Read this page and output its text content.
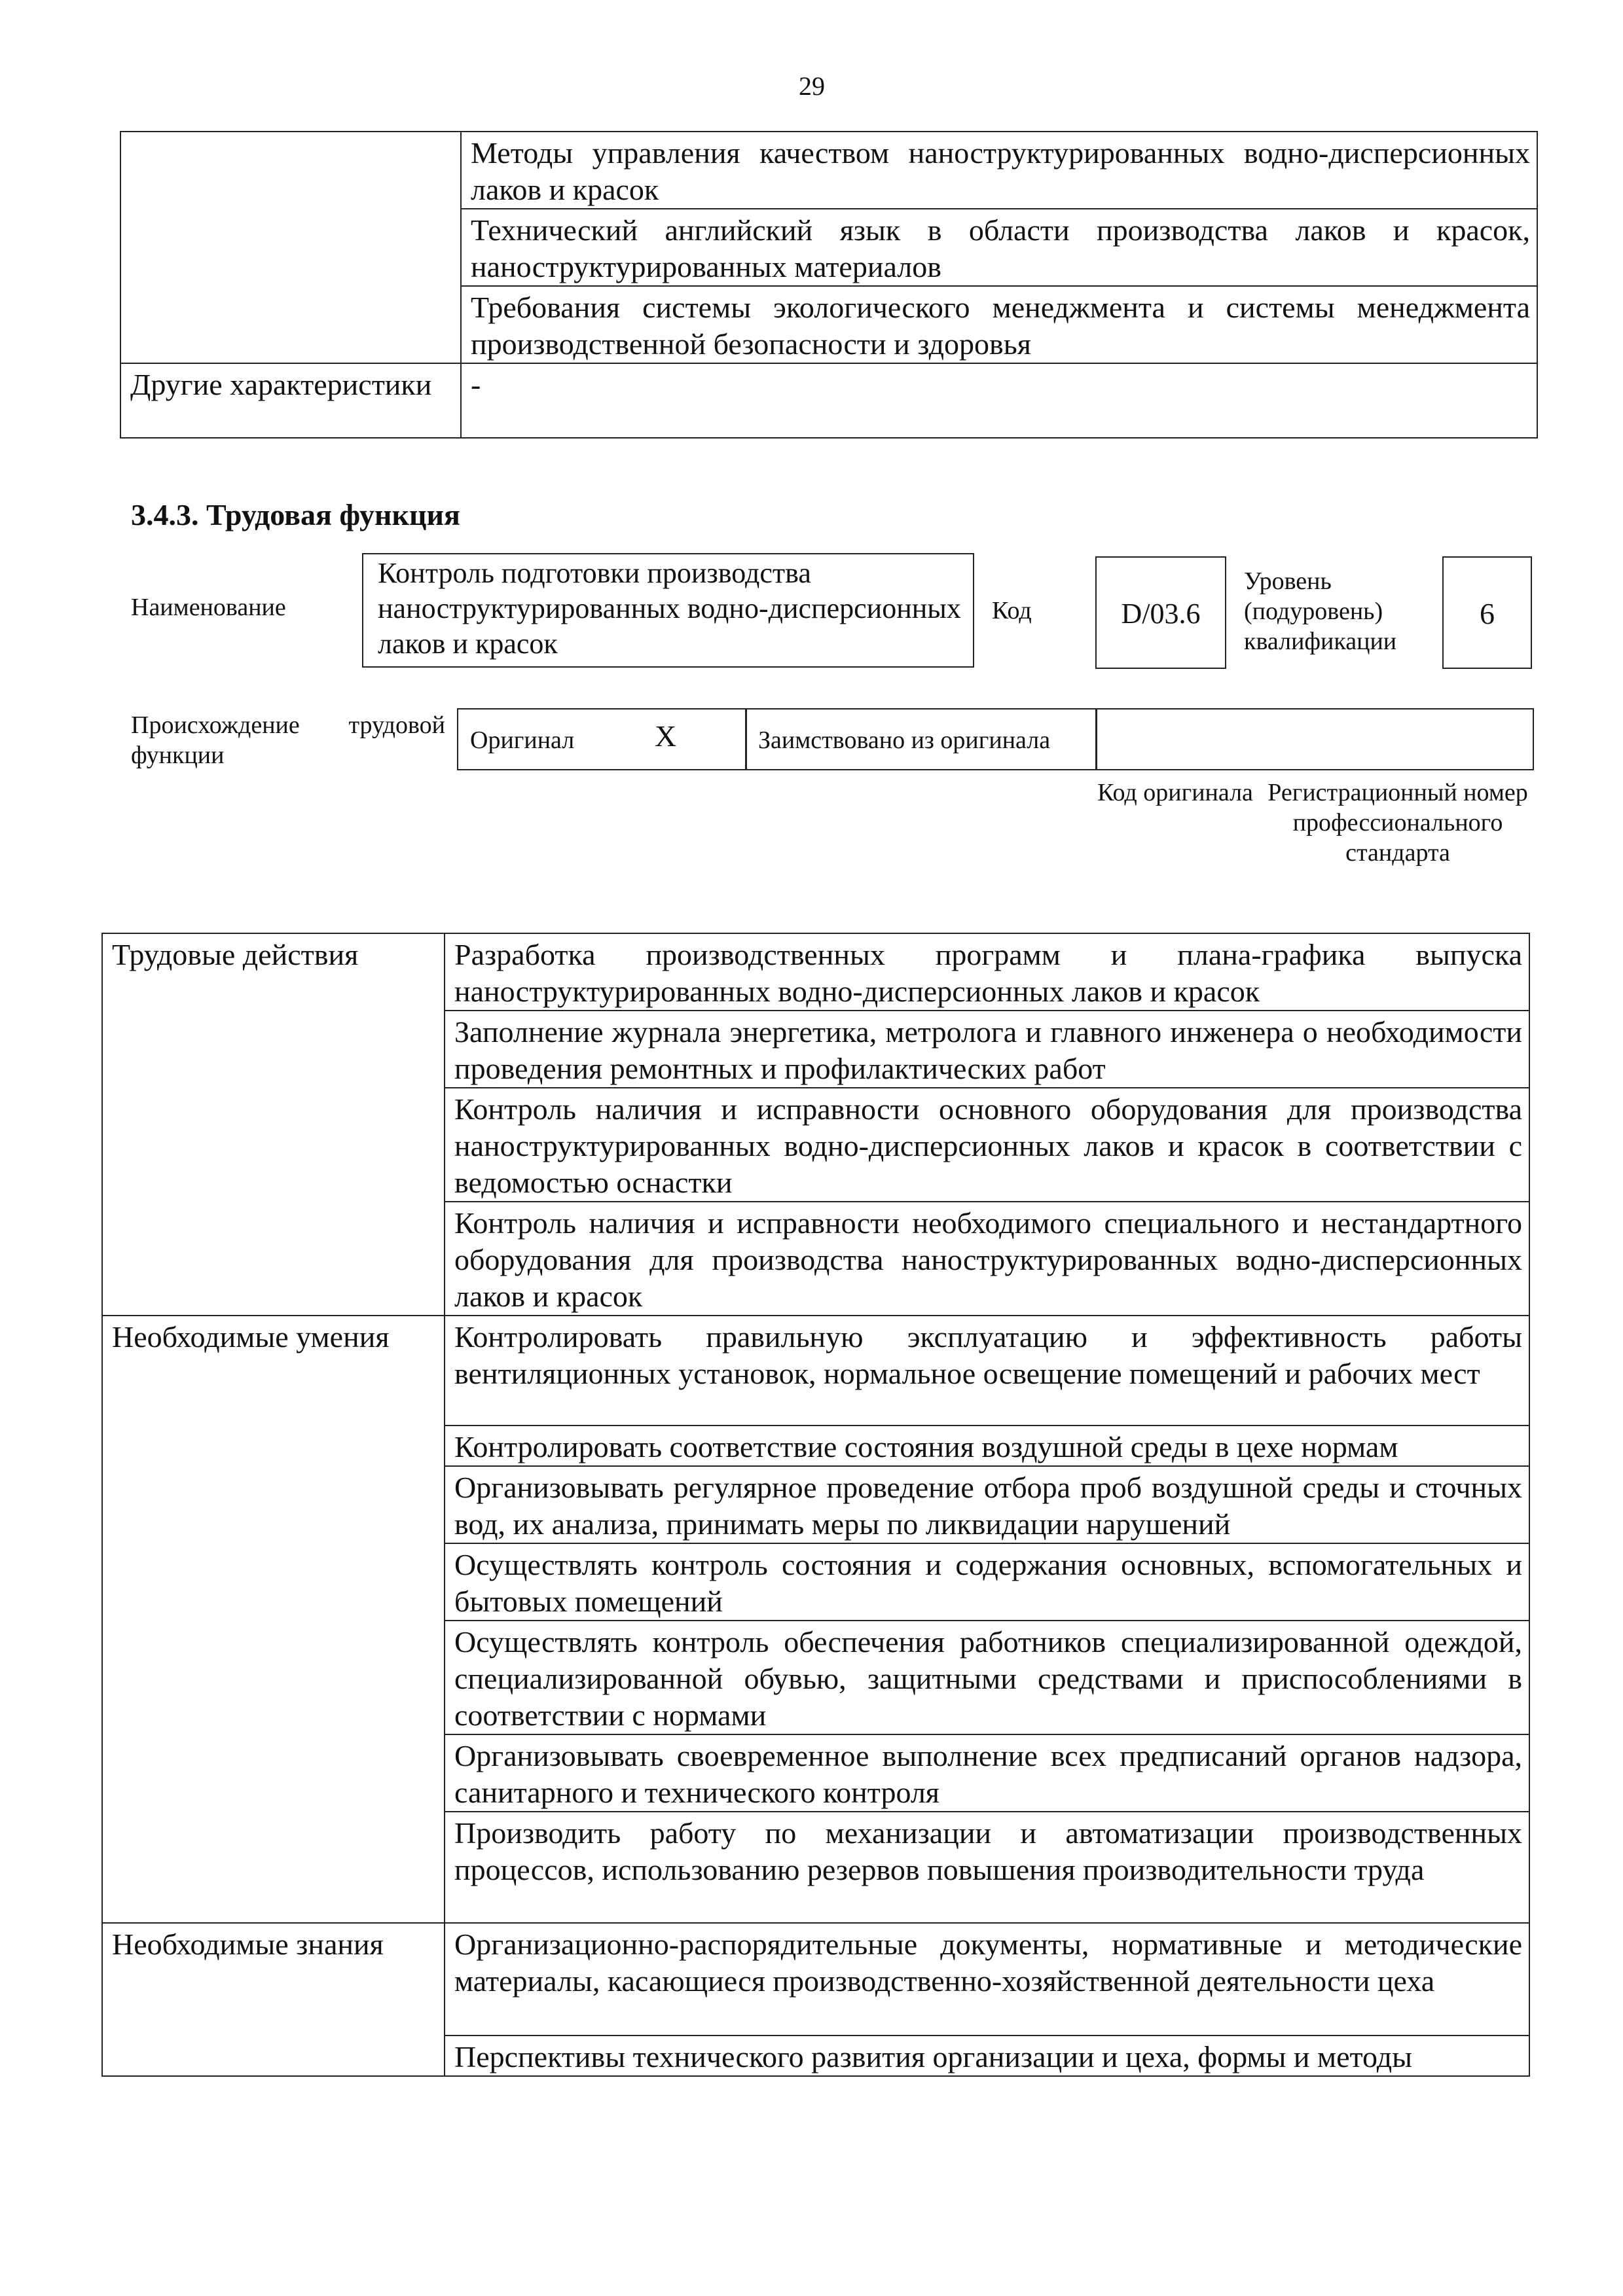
29
	Методы управления качеством наноструктурированных водно-дисперсионных лаков и красок
	Технический английский язык в области производства лаков и красок, наноструктурированных материалов
	Требования системы экологического менеджмента и системы менеджмента производственной безопасности и здоровья
Другие характеристики	-
3.4.3. Трудовая функция
Наименование
Контроль подготовки производства наноструктурированных водно-дисперсионных лаков и красок
Код	D/03.6
Уровень (подуровень) квалификации
6
Происхождение трудовой функции
Оригинал	X	Заимствовано из оригинала
Код оригинала Регистрационный номер профессионального стандарта
Трудовые действия	Разработка производственных программ и плана-графика выпуска наноструктурированных водно-дисперсионных лаков и красок
	Заполнение журнала энергетика, метролога и главного инженера о необходимости проведения ремонтных и профилактических работ
	Контроль наличия и исправности основного оборудования для производства наноструктурированных водно-дисперсионных лаков и красок в соответствии с ведомостью оснастки
	Контроль наличия и исправности необходимого специального и нестандартного оборудования для производства наноструктурированных водно-дисперсионных лаков и красок
Необходимые умения	Контролировать правильную эксплуатацию и эффективность работы вентиляционных установок, нормальное освещение помещений и рабочих мест
	Контролировать соответствие состояния воздушной среды в цехе нормам
	Организовывать регулярное проведение отбора проб воздушной среды и сточных вод, их анализа, принимать меры по ликвидации нарушений
	Осуществлять контроль состояния и содержания основных, вспомогательных и бытовых помещений
	Осуществлять контроль обеспечения работников специализированной одеждой, специализированной обувью, защитными средствами и приспособлениями в соответствии с нормами
	Организовывать своевременное выполнение всех предписаний органов надзора, санитарного и технического контроля
	Производить работу по механизации и автоматизации производственных процессов, использованию резервов повышения производительности труда
Необходимые знания	Организационно-распорядительные документы, нормативные и методические материалы, касающиеся производственно-хозяйственной деятельности цеха
	Перспективы технического развития организации и цеха, формы и методы
